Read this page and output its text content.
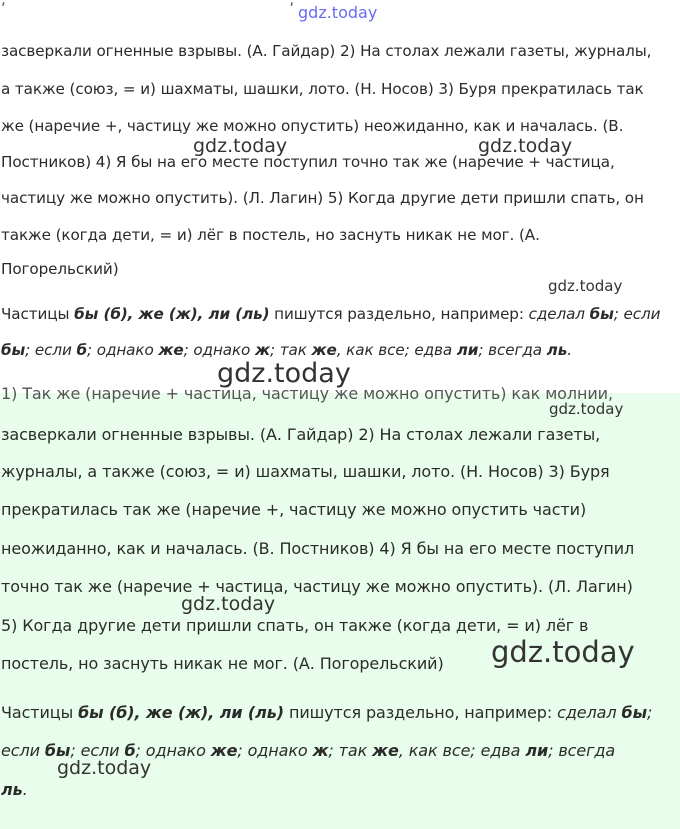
засверкали огненные взрывы. (А. Гайдар) 2) На столах лежали газеты, журналы,
а также (союз, = и) шахматы, шашки, лото. (Н. Носов) 3) Буря прекратилась так
же (наречие +, частицу же можно опустить) неожиданно, как и началась. (В.
Постников) 4) Я бы на его месте поступил точно так же (наречие + частица,
частицу же можно опустить). (Л. Лагин) 5) Когда другие дети пришли спать, он
также (когда дети, = и) лёг в постель, но заснуть никак не мог. (А.
Погорельский)
Частицы бы (б), же (ж), ли (ль) пишутся раздельно, например: сделал бы; если
бы; если б; однако же; однако ж; так же, как все; едва ли; всегда ль.
gdz.today
gdz.today	gdz.today
gdz.today
gdz.today
1) Так же (наречие + частица, частицу же можно опустить) как молнии,
засверкали огненные взрывы. (А. Гайдар) 2) На столах лежали газеты,
журналы, а также (союз, = и) шахматы, шашки, лото. (Н. Носов) 3) Буря
прекратилась так же (наречие +, частицу же можно опустить части)
неожиданно, как и началась. (В. Постников) 4) Я бы на его месте поступил
точно так же (наречие + частица, частицу же можно опустить). (Л. Лагин)
5) Когда другие дети пришли спать, он также (когда дети, = и) лёг в
постель, но заснуть никак не мог. (А. Погорельский)
Частицы бы (б), же (ж), ли (ль) пишутся раздельно, например: сделал бы;
если бы; если б; однако же; однако ж; так же, как все; едва ли; всегда
ль.
gdz.today
gdz.today
gdz.today
gdz.today
